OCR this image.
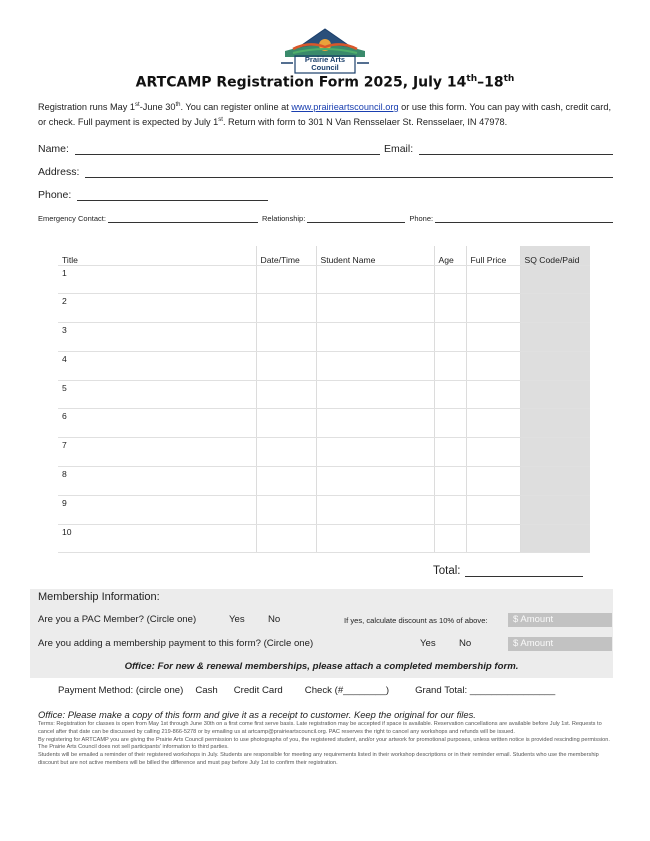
Prairie Arts
Council
ARTCAMP Registration Form 2025, July 14th–18th
Registration runs May 1st-June 30th. You can register online at www.prairieartscouncil.org or use this form. You can pay with cash, credit card, or check. Full payment is expected by July 1st. Return with form to 301 N Van Rensselaer St. Rensselaer, IN 47978.
Name:	Email:
Address:
Phone:
Emergency Contact:	Relationship:	Phone:
Title	Date/Time	Student Name	Age	Full Price	SQ Code/Paid
1					
2					
3					
4					
5					
6					
7					
8					
9					
10					
Total:
Membership Information:
Are you a PAC Member? (Circle one)	Yes No	If yes, calculate discount as 10% of above:	$ Amount
Are you adding a membership payment to this form? (Circle one)	Yes No	$ Amount
Office: For new & renewal memberships, please attach a completed membership form.
Payment Method: (circle one) Cash Credit Card Check (#________)	Grand Total: ________________
Office: Please make a copy of this form and give it as a receipt to customer. Keep the original for our files.
Terms: Registration for classes is open from May 1st through June 30th on a first come first serve basis. Late registration may be accepted if space is available. Reservation cancellations are available before July 1st. Requests to cancel after that date can be discussed by calling 219-866-5278 or by emailing us at artcamp@prairieartscouncil.org. PAC reserves the right to cancel any workshops and refunds will be issued.
By registering for ARTCAMP you are giving the Prairie Arts Council permission to use photographs of you, the registered student, and/or your artwork for promotional purposes, unless written notice is provided rescinding permission. The Prairie Arts Council does not sell participants' information to third parties.
Students will be emailed a reminder of their registered workshops in July. Students are responsible for meeting any requirements listed in their workshop descriptions or in their reminder email. Students who use the membership discount but are not active members will be billed the difference and must pay before July 1st to confirm their registration.
